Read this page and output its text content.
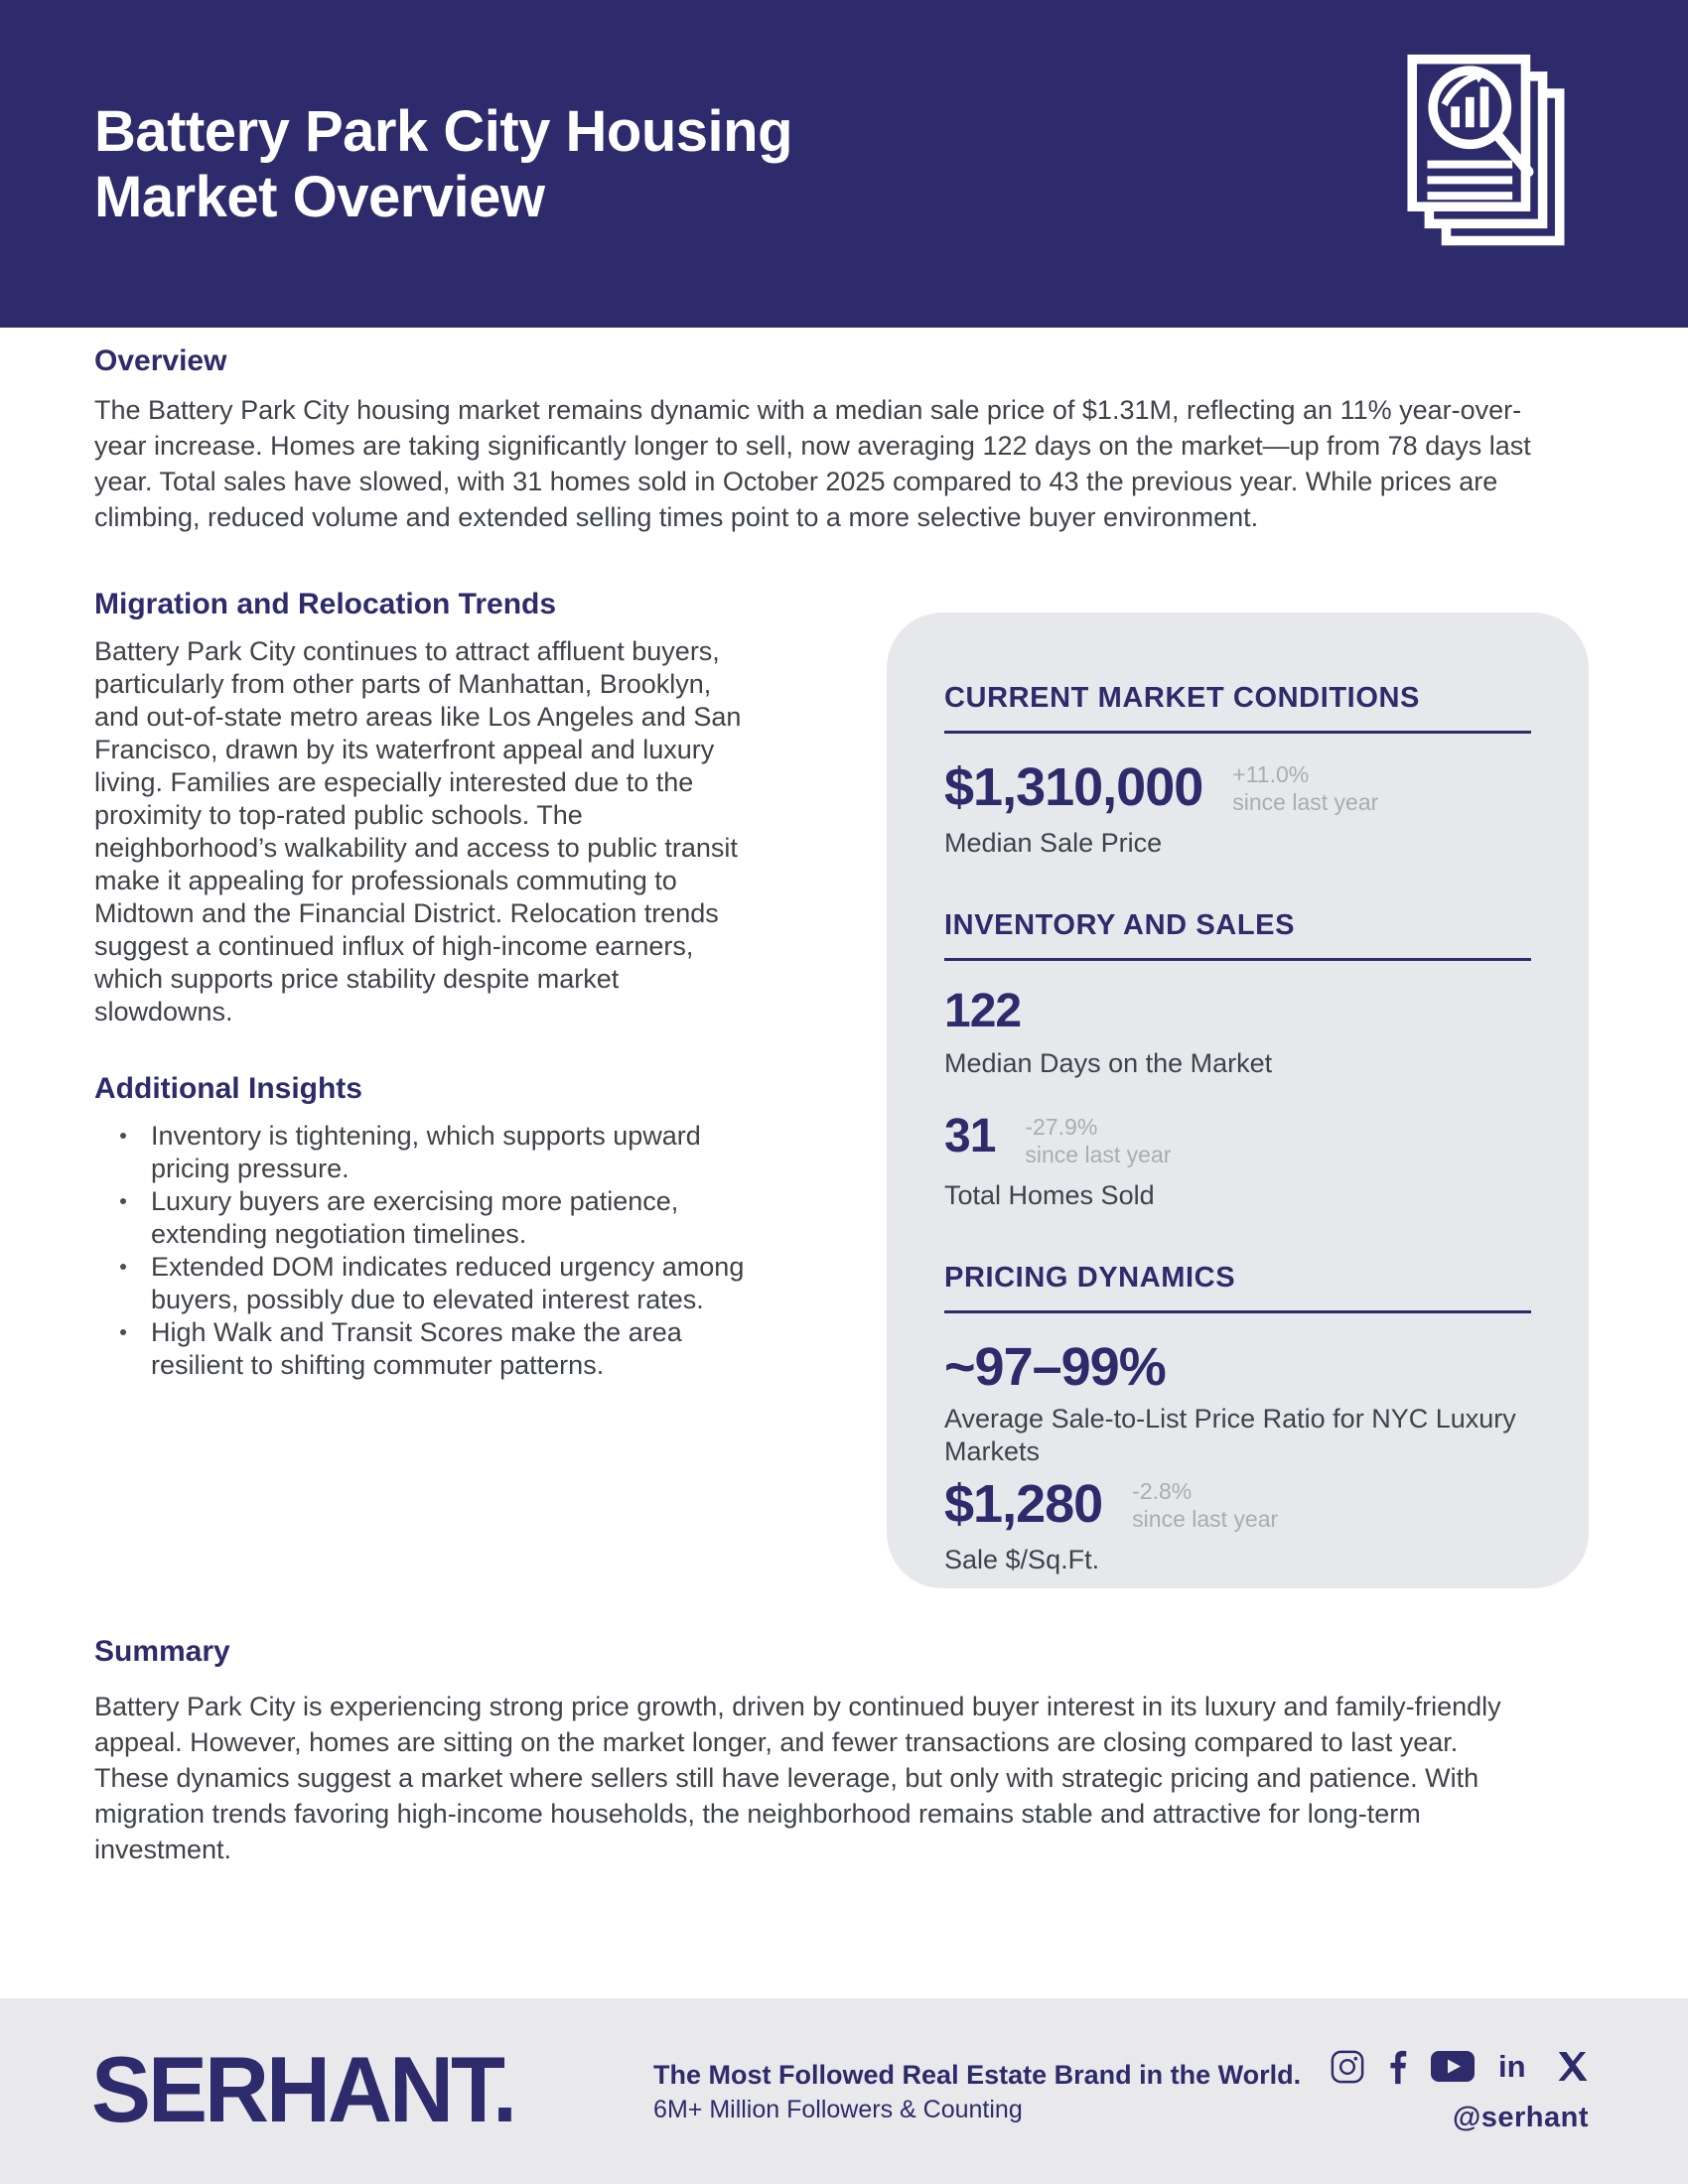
Battery Park City Housing
Market Overview
Overview

The Battery Park City housing market remains dynamic with a median sale price of $1.31M, reflecting an 11% year-over-year increase. Homes are taking significantly longer to sell, now averaging 122 days on the market—up from 78 days last year. Total sales have slowed, with 31 homes sold in October 2025 compared to 43 the previous year. While prices are climbing, reduced volume and extended selling times point to a more selective buyer environment.

Migration and Relocation Trends

Battery Park City continues to attract affluent buyers, particularly from other parts of Manhattan, Brooklyn, and out-of-state metro areas like Los Angeles and San Francisco, drawn by its waterfront appeal and luxury living. Families are especially interested due to the proximity to top-rated public schools. The neighborhood’s walkability and access to public transit make it appealing for professionals commuting to Midtown and the Financial District. Relocation trends suggest a continued influx of high-income earners, which supports price stability despite market slowdowns.

Additional Insights
Inventory is tightening, which supports upward pricing pressure.
Luxury buyers are exercising more patience, extending negotiation timelines.
Extended DOM indicates reduced urgency among buyers, possibly due to elevated interest rates.
High Walk and Transit Scores make the area resilient to shifting commuter patterns.
CURRENT MARKET CONDITIONS
$1,310,000 +11.0%
since last year
Median Sale Price
INVENTORY AND SALES
122
Median Days on the Market
31 -27.9%
since last year
Total Homes Sold
PRICING DYNAMICS
~97–99%
Average Sale-to-List Price Ratio for NYC Luxury Markets
$1,280 -2.8%
since last year
Sale $/Sq.Ft.
Summary

Battery Park City is experiencing strong price growth, driven by continued buyer interest in its luxury and family-friendly appeal. However, homes are sitting on the market longer, and fewer transactions are closing compared to last year. These dynamics suggest a market where sellers still have leverage, but only with strategic pricing and patience. With migration trends favoring high-income households, the neighborhood remains stable and attractive for long-term investment.

SERHANT.	The Most Followed Real Estate Brand in the World.
6M+ Million Followers & Counting
in
@serhant
